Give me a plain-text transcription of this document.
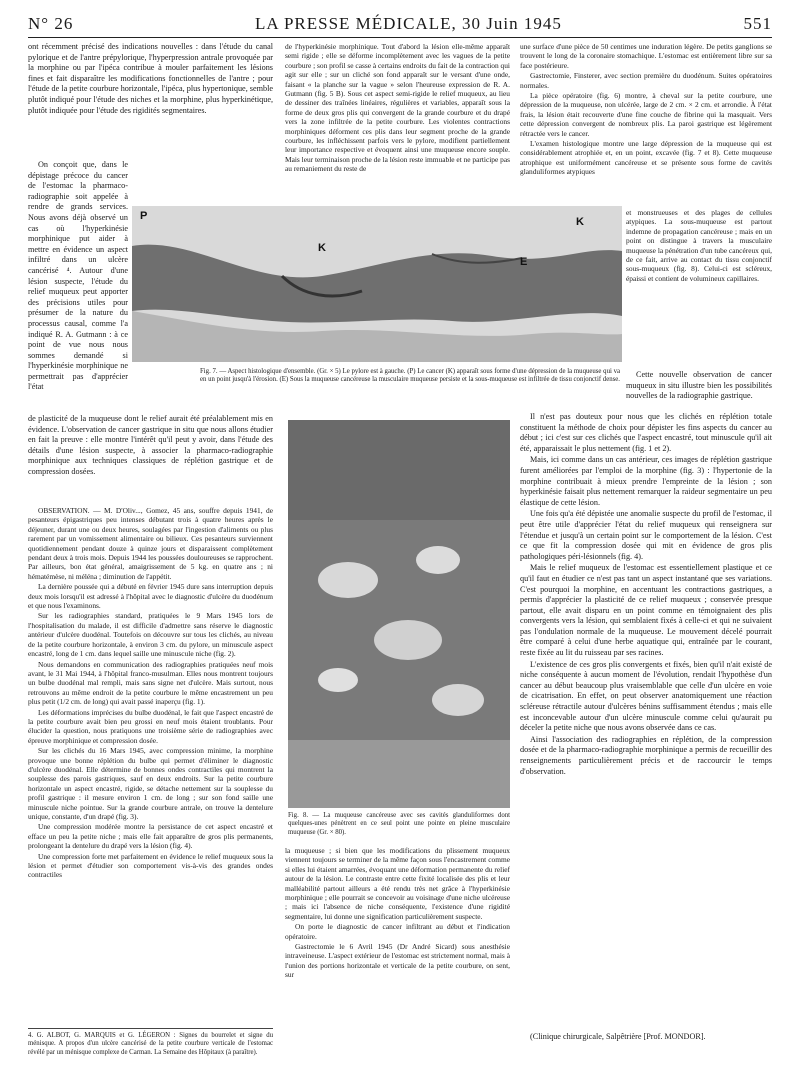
N° 26	LA PRESSE MÉDICALE, 30 Juin 1945	551

ont récemment précisé des indications nouvelles : dans l'étude du canal pylorique et de l'antre prépylorique, l'hyperpression antrale provoquée par la morphine ou par l'ipéca contribue à mouler parfaitement les lésions fines et fait disparaître les modifications fonctionnelles de l'antre ; pour l'étude de la petite courbure horizontale, l'ipéca, plus hypertonique, semble plutôt indiqué pour l'étude des niches et la morphine, plus hyperkinétique, plutôt indiquée pour l'étude des rigidités segmentaires.

On conçoit que, dans le dépistage précoce du cancer de l'estomac la pharmaco-radiographie soit appelée à rendre de grands services. Nous avons déjà observé un cas où l'hyperkinésie morphinique put aider à mettre en évidence un aspect infiltré dans un ulcère cancérisé ⁴. Autour d'une lésion suspecte, l'étude du relief muqueux peut apporter des précisions utiles pour présumer de la nature du processus causal, comme l'a indiqué R. A. Gutmann : à ce point de vue nous nous sommes demandé si l'hyperkinésie morphinique ne permettrait pas d'apprécier l'état

de plasticité de la muqueuse dont le relief aurait été préalablement mis en évidence. L'observation de cancer gastrique in situ que nous allons étudier en fait la preuve : elle montre l'intérêt qu'il peut y avoir, dans l'étude des détails d'une lésion suspecte, à associer la pharmaco-radiographie morphinique aux techniques classiques de réplétion gastrique et de compression dosées.

OBSERVATION. — M. D'Oliv..., Gomez, 45 ans, souffre depuis 1941, de pesanteurs épigastriques peu intenses débutant trois à quatre heures après le déjeuner, durant une ou deux heures, soulagées par l'ingestion d'aliments ou plus rarement par un vomissement alimentaire ou bilieux. Ces pesanteurs surviennent quotidiennement pendant douze à quinze jours et disparaissent complètement pendant deux à trois mois. Depuis 1944 les poussées douloureuses se rapprochent. Par ailleurs, bon état général, amaigrissement de 5 kg. en quatre ans ; ni hématémèse, ni méléna ; diminution de l'appétit.

La dernière poussée qui a débuté en février 1945 dure sans interruption depuis deux mois lorsqu'il est adressé à l'hôpital avec le diagnostic d'ulcère du duodénum et que nous l'examinons.

Sur les radiographies standard, pratiquées le 9 Mars 1945 lors de l'hospitalisation du malade, il est difficile d'admettre sans réserve le diagnostic antérieur d'ulcère duodénal. Toutefois on découvre sur tous les clichés, au niveau de la petite courbure horizontale, à environ 3 cm. du pylore, un minuscule aspect encastré, long de 1 cm. dans lequel saille une minuscule niche (fig. 2).

Nous demandons en communication des radiographies pratiquées neuf mois avant, le 31 Mai 1944, à l'hôpital franco-musulman. Elles nous montrent toujours un bulbe duodénal mal rempli, mais sans signe net d'ulcère. Mais surtout, nous retrouvons au même endroit de la petite courbure le même encastrement un peu plus petit (1/2 cm. de long) qui avait passé inaperçu (fig. 1).

Les déformations imprécises du bulbe duodénal, le fait que l'aspect encastré de la petite courbure avait bien peu grossi en neuf mois étaient troublants. Pour élucider la question, nous pratiquons une troisième série de radiographies avec épreuve morphinique et compression dosée.

Sur les clichés du 16 Mars 1945, avec compression minime, la morphine provoque une bonne réplétion du bulbe qui permet d'éliminer le diagnostic d'ulcère duodénal. Elle détermine de bonnes ondes contractiles qui montrent la souplesse des parois gastriques, sauf en deux endroits. Sur la petite courbure horizontale un aspect encastré, rigide, se détache nettement sur la souplesse du profil gastrique : il mesure environ 1 cm. de long ; sur son fond saille une minuscule niche pointue. Sur la grande courbure antrale, on trouve la dentelure unique, constante, d'un drapé (fig. 3).

Une compression modérée montre la persistance de cet aspect encastré et efface un peu la petite niche ; mais elle fait apparaître de gros plis permanents, prolongeant la dentelure du drapé vers la lésion (fig. 4).

Une compression forte met parfaitement en évidence le relief muqueux sous la lésion et permet d'étudier son comportement vis-à-vis des grandes ondes contractiles

4. G. ALBOT, G. MARQUIS et G. LÉGERON : Signes du bourrelet et signe du ménisque. A propos d'un ulcère cancérisé de la petite courbure verticale de l'estomac révélé par un ménisque complexe de Carman. La Semaine des Hôpitaux (à paraître).

de l'hyperkinésie morphinique. Tout d'abord la lésion elle-même apparaît semi rigide ; elle se déforme incomplètement avec les vagues de la petite courbure ; son profil se casse à certains endroits du fait de la contraction qui agit sur elle ; sur un cliché son fond apparaît sur le versant d'une onde, faisant « la planche sur la vague » selon l'heureuse expression de R. A. Gutmann (fig. 5 B). Sous cet aspect semi-rigide le relief muqueux, au lieu de dessiner des traînées linéaires, régulières et variables, apparaît sous la forme de deux gros plis qui convergent de la grande courbure et du drapé vers la zone infiltrée de la petite courbure. Les violentes contractions morphiniques déforment ces plis dans leur segment proche de la grande courbure, les infléchissent parfois vers le pylore, modifient partiellement leur importance respective et évoquent ainsi une muqueuse encore souple. Mais leur terminaison proche de la lésion reste immuable et ne participe pas au remaniement du reste de

P
K
E
K
Fig. 7. — Aspect histologique d'ensemble. (Gr. × 5) Le pylore est à gauche. (P) Le cancer (K) apparaît sous forme d'une dépression de la muqueuse qui va en un point jusqu'à l'érosion. (E) Sous la muqueuse cancéreuse la musculaire muqueuse persiste et la sous-muqueuse est infiltrée de tissu conjonctif dense.
Fig. 8. — La muqueuse cancéreuse avec ses cavités glanduliformes dont quelques-unes pénètrent en ce seul point une pointe en pleine musculaire muqueuse (Gr. × 80).

la muqueuse ; si bien que les modifications du plissement muqueux viennent toujours se terminer de la même façon sous l'encastrement comme si elles lui étaient amarrées, évoquant une déformation permanente du relief autour de la lésion. Le contraste entre cette fixité localisée des plis et leur malléabilité partout ailleurs a été rendu très net grâce à l'hyperkinésie morphinique ; elle pourrait se concevoir au voisinage d'une niche ulcéreuse ; mais ici l'absence de niche conséquente, l'existence d'une rigidité segmentaire, lui donne une signification particulièrement suspecte.

On porte le diagnostic de cancer infiltrant au début et l'indication opératoire.

Gastrectomie le 6 Avril 1945 (Dr André Sicard) sous anesthésie intraveineuse. L'aspect extérieur de l'estomac est strictement normal, mais à l'union des portions horizontale et verticale de la petite courbure, on sent, sur

une surface d'une pièce de 50 centimes une induration légère. De petits ganglions se trouvent le long de la coronaire stomachique. L'estomac est entièrement libre sur sa face postérieure.

Gastrectomie, Finsterer, avec section première du duodénum. Suites opératoires normales.

La pièce opératoire (fig. 6) montre, à cheval sur la petite courbure, une dépression de la muqueuse, non ulcérée, large de 2 cm. × 2 cm. et arrondie. À l'état frais, la lésion était recouverte d'une fine couche de fibrine qui la masquait. Vers cette dépression convergent de nombreux plis. La paroi gastrique est légèrement rétractée vers le cancer.

L'examen histologique montre une large dépression de la muqueuse qui est considérablement atrophiée et, en un point, excavée (fig. 7 et 8). Cette muqueuse atrophique est uniformément cancéreuse et se présente sous forme de cavités glanduliformes atypiques

et monstrueuses et des plages de cellules atypiques. La sous-muqueuse est partout indemne de propagation cancéreuse ; mais en un point on distingue à travers la musculaire muqueuse la pénétration d'un tube cancéreux qui, de ce fait, arrive au contact du tissu conjonctif sous-muqueux (fig. 8). Celui-ci est scléreux, épaissi et contient de volumineux capillaires.

Cette nouvelle observation de cancer muqueux in situ illustre bien les possibilités nouvelles de la radiographie gastrique.

Il n'est pas douteux pour nous que les clichés en réplétion totale constituent la méthode de choix pour dépister les fins aspects du cancer au début ; ici c'est sur ces clichés que l'aspect encastré, tout minuscule qu'il ait été, apparaissait le plus nettement (fig. 1 et 2).

Mais, ici comme dans un cas antérieur, ces images de réplétion gastrique furent améliorées par l'emploi de la morphine (fig. 3) : l'hypertonie de la morphine contribuait à mieux prendre l'empreinte de la lésion ; son hyperkinésie faisait plus nettement remarquer la raideur segmentaire un peu élastique de cette lésion.

Une fois qu'a été dépistée une anomalie suspecte du profil de l'estomac, il peut être utile d'apprécier l'état du relief muqueux qui renseignera sur l'étendue et jusqu'à un certain point sur le comportement de la lésion. C'est ce que fit la compression dosée qui mit en évidence de gros plis pathologiques péri-lésionnels (fig. 4).

Mais le relief muqueux de l'estomac est essentiellement plastique et ce qu'il faut en étudier ce n'est pas tant un aspect instantané que ses variations. C'est pourquoi la morphine, en accentuant les contractions gastriques, a permis d'apprécier la plasticité de ce relief muqueux ; conservée presque partout, elle avait disparu en un point comme en témoignaient des plis convergents vers la lésion, qui semblaient fixés à celle-ci et qui ne suivaient pas l'ondulation normale de la muqueuse. Le mouvement décelé pourrait être comparé à celui d'une herbe aquatique qui, entraînée par le courant, reste fixée au lit du ruisseau par ses racines.

L'existence de ces gros plis convergents et fixés, bien qu'il n'ait existé de niche conséquente à aucun moment de l'évolution, rendait l'hypothèse d'un cancer au début beaucoup plus vraisemblable que celle d'un ulcère en voie de cicatrisation. En effet, on peut observer anatomiquement une réaction scléreuse rétractile autour d'ulcères bénins suffisamment étendus ; mais elle est inconcevable autour d'un ulcère minuscule comme celui qu'aurait pu déceler la petite niche que nous avons observée dans ce cas.

Ainsi l'association des radiographies en réplétion, de la compression dosée et de la pharmaco-radiographie morphinique a permis de recueillir des renseignements particulièrement précis et de raccourcir le temps d'observation.

(Clinique chirurgicale, Salpêtrière [Prof. MONDOR].
